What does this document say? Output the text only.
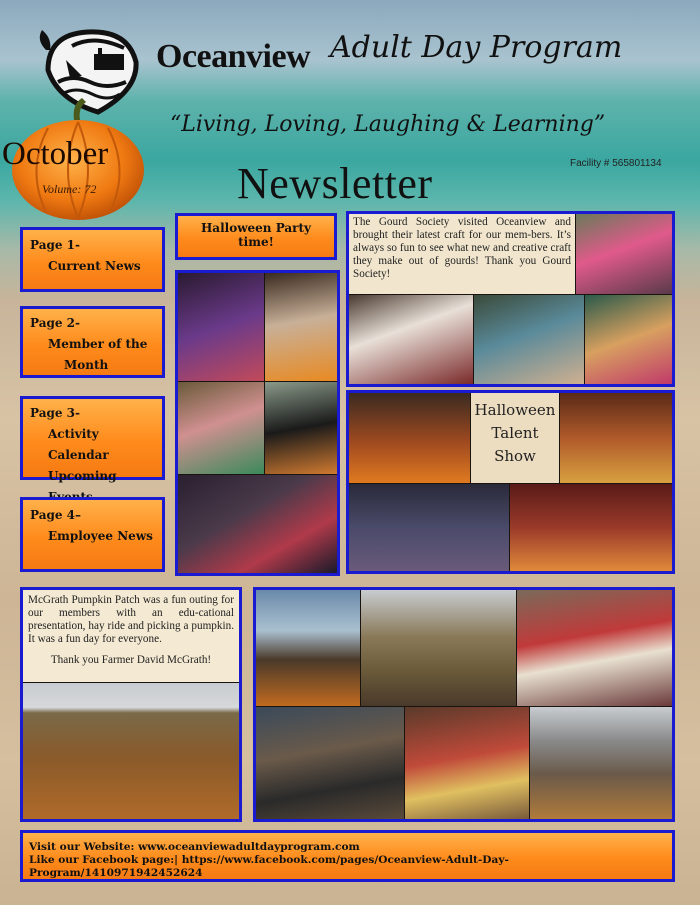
Oceanview Adult Day Program
“Living, Loving, Laughing & Learning”
Facility # 565801134
Newsletter
October
Volume: 72
Page 1-
Current News
Page 2-
Member of the
Month
Page 3-
Activity Calendar
Upcoming
Page 4–
Employee News
Halloween Party time!
The Gourd Society visited Oceanview and brought their latest craft for our mem-bers. It’s always so fun to see what new and creative craft they make out of gourds! Thank you Gourd Society!
Halloween
Talent
Show
McGrath Pumpkin Patch was a fun outing for our members with an edu-cational presentation, hay ride and picking a pumpkin. It was a fun day for everyone.
Thank you Farmer David McGrath!
Visit our Website: www.oceanviewadultdayprogram.com
Like our Facebook page:| https://www.facebook.com/pages/Oceanview-Adult-Day-Program/1410971942452624
